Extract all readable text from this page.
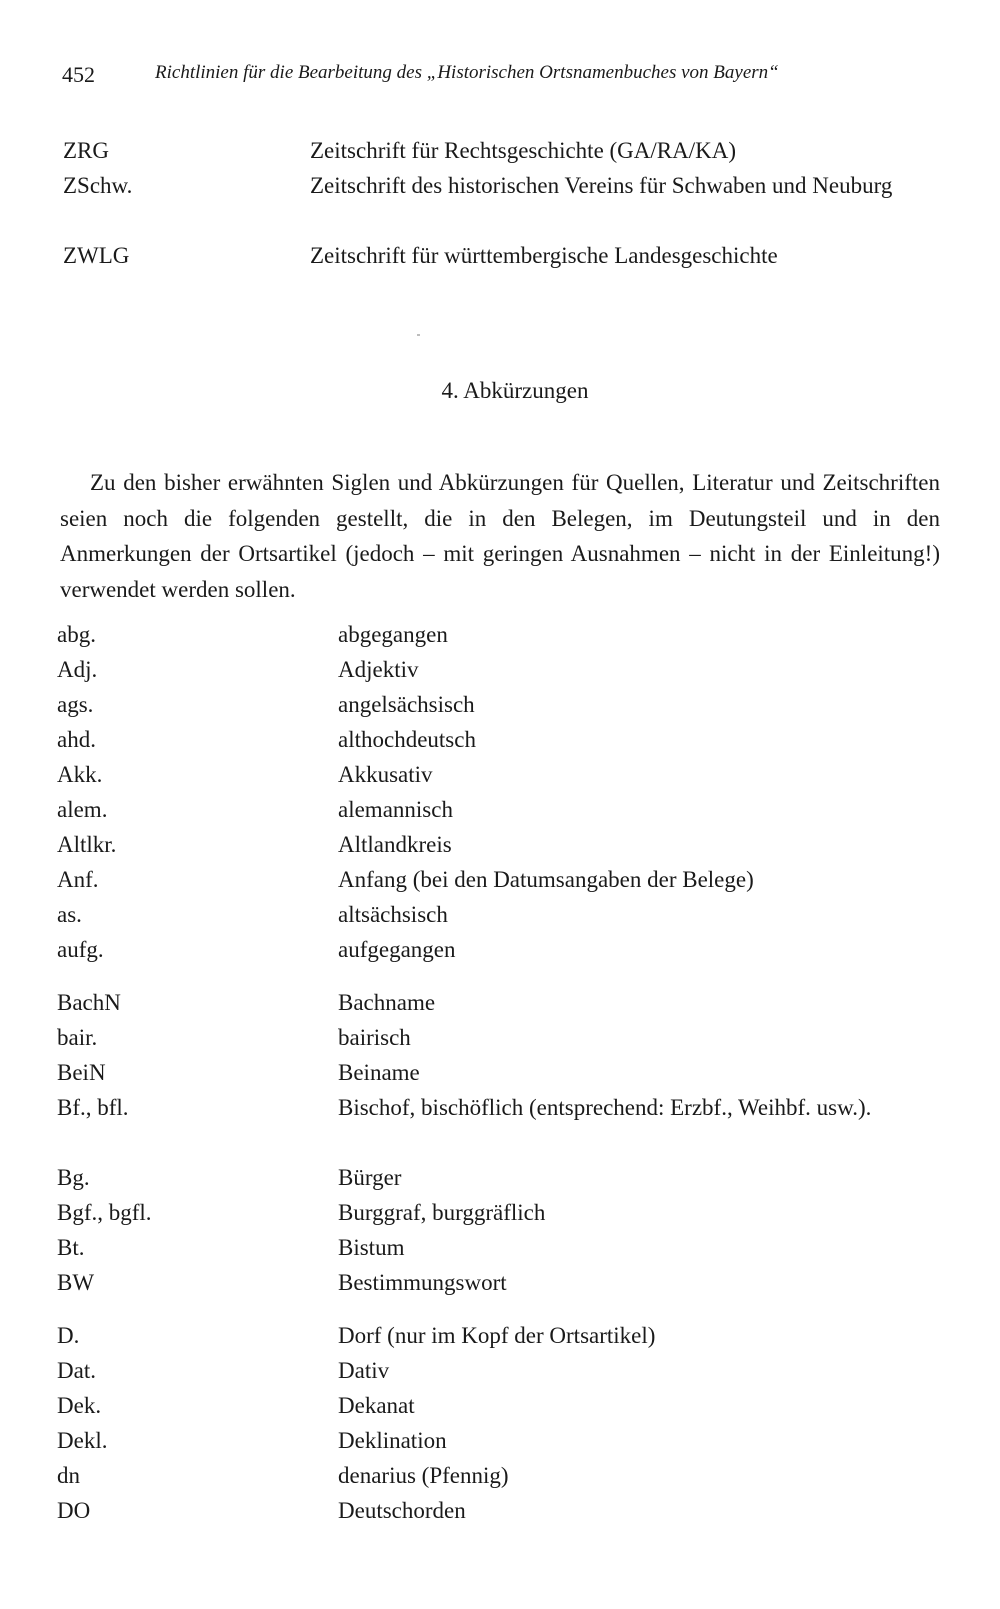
452	Richtlinien für die Bearbeitung des „Historischen Ortsnamenbuches von Bayern“
ZRG	Zeitschrift für Rechtsgeschichte (GA/RA/KA)
ZSchw.	Zeitschrift des historischen Vereins für Schwaben und Neuburg
ZWLG	Zeitschrift für württembergische Landesgeschichte
4. Abkürzungen

Zu den bisher erwähnten Siglen und Abkürzungen für Quellen, Literatur und Zeitschriften seien noch die folgenden gestellt, die in den Belegen, im Deutungsteil und in den Anmerkungen der Ortsartikel (jedoch – mit geringen Ausnahmen – nicht in der Einleitung!) verwendet werden sollen.

abg.	abgegangen
Adj.	Adjektiv
ags.	angelsächsisch
ahd.	althochdeutsch
Akk.	Akkusativ
alem.	alemannisch
Altlkr.	Altlandkreis
Anf.	Anfang (bei den Datumsangaben der Belege)
as.	altsächsisch
aufg.	aufgegangen
BachN	Bachname
bair.	bairisch
BeiN	Beiname
Bf., bfl.	Bischof, bischöflich (entsprechend: Erzbf., Weihbf. usw.).
Bg.	Bürger
Bgf., bgfl.	Burggraf, burggräflich
Bt.	Bistum
BW	Bestimmungswort
D.	Dorf (nur im Kopf der Ortsartikel)
Dat.	Dativ
Dek.	Dekanat
Dekl.	Deklination
dn	denarius (Pfennig)
DO	Deutschorden
